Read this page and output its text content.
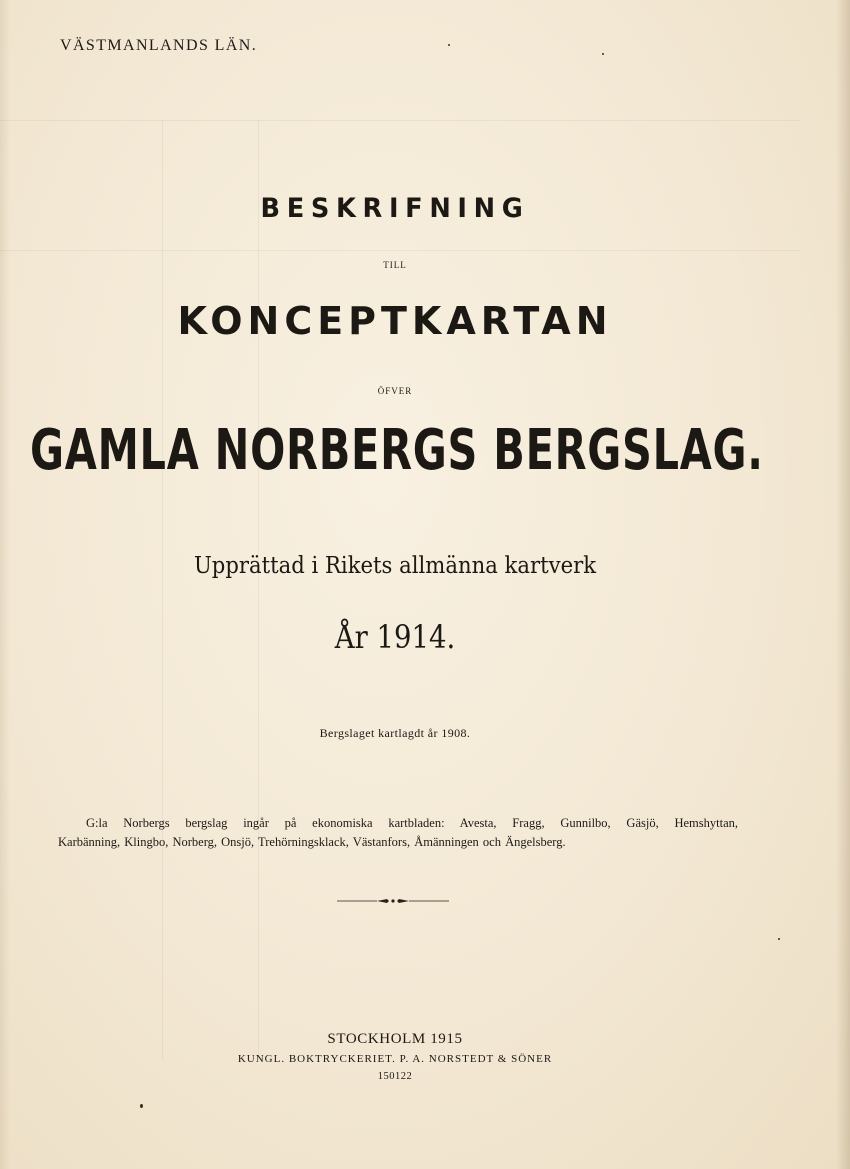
VÄSTMANLANDS LÄN.
BESKRIFNING
TILL
KONCEPTKARTAN
ÖFVER
GAMLA NORBERGS BERGSLAG.
Upprättad i Rikets allmänna kartverk
År 1914.
Bergslaget kartlagdt år 1908.
G:la Norbergs bergslag ingår på ekonomiska kartbladen: Avesta, Fragg, Gunnilbo, Gäsjö, Hemshyttan,
Karbänning, Klingbo, Norberg, Onsjö, Trehörningsklack, Västanfors, Åmänningen och Ängelsberg.
STOCKHOLM 1915
KUNGL. BOKTRYCKERIET. P. A. NORSTEDT & SÖNER
150122
